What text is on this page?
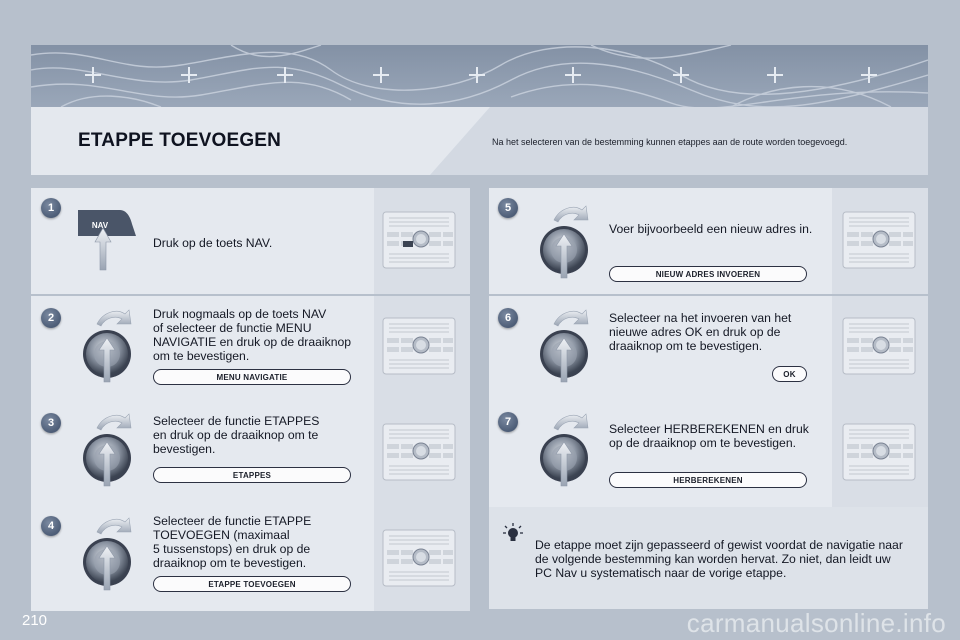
ETAPPE TOEVOEGEN	Na het selecteren van de bestemming kunnen etappes aan de route worden toegevoegd.
1
NAV
Druk op de toets NAV.
2	Druk nogmaals op de toets NAV
of selecteer de functie MENU
NAVIGATIE en druk op de draaiknop
om te bevestigen.
MENU NAVIGATIE
3	Selecteer de functie ETAPPES
en druk op de draaiknop om te
bevestigen.
ETAPPES
4	Selecteer de functie ETAPPE
TOEVOEGEN (maximaal
5 tussenstops) en druk op de
draaiknop om te bevestigen.
ETAPPE TOEVOEGEN
5
Voer bijvoorbeeld een nieuw adres in.
NIEUW ADRES INVOEREN
6	Selecteer na het invoeren van het
nieuwe adres OK en druk op de
draaiknop om te bevestigen.
OK
7	Selecteer HERBEREKENEN en druk
op de draaiknop om te bevestigen.
HERBEREKENEN
De etappe moet zijn gepasseerd of gewist voordat de navigatie naar
de volgende bestemming kan worden hervat. Zo niet, dan leidt uw
PC Nav u systematisch naar de vorige etappe.
210	carmanualsonline.info
